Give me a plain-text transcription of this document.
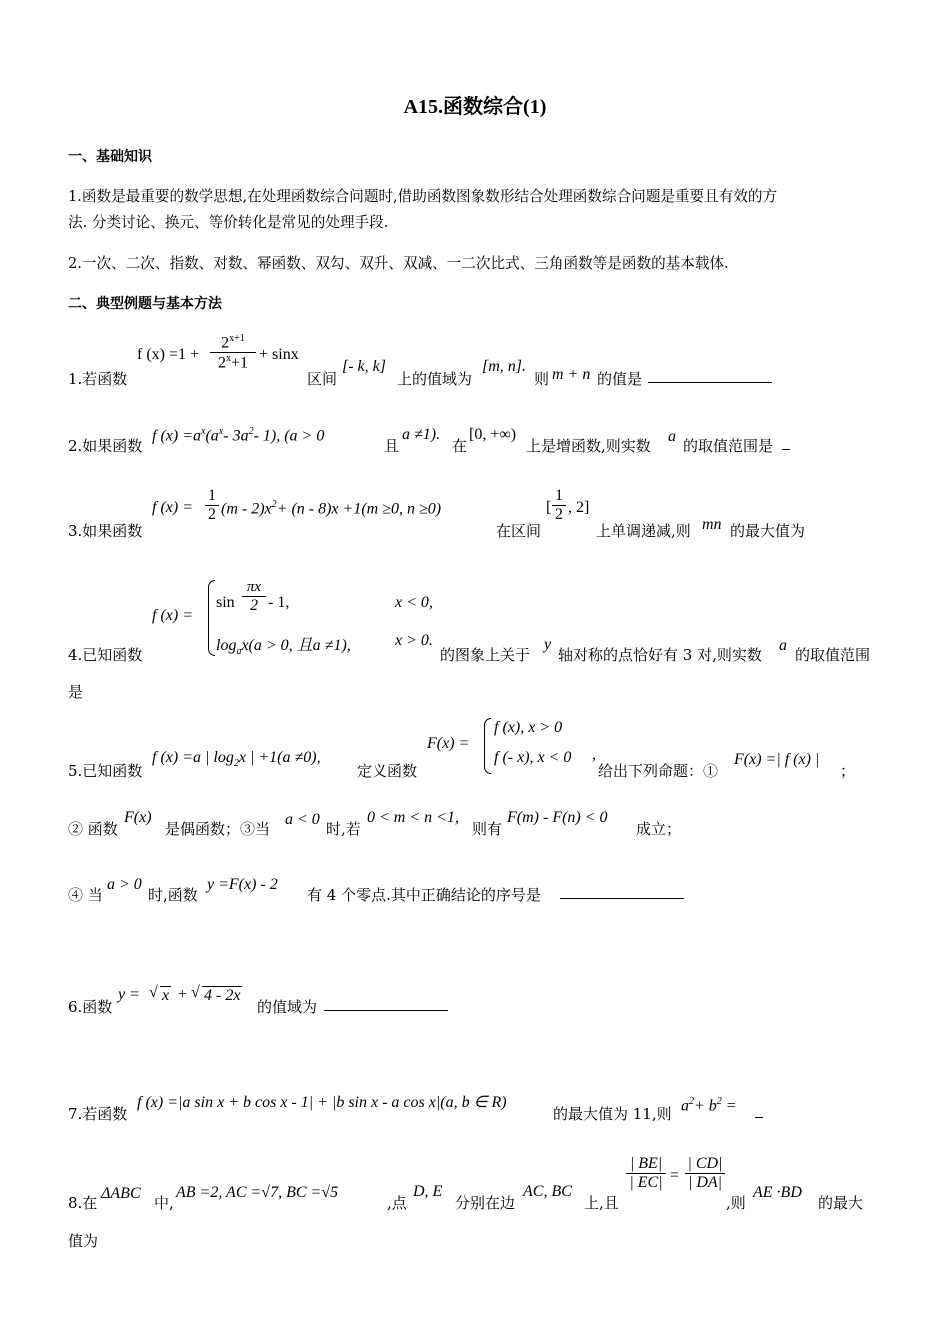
A15.函数综合(1)
一、基础知识
1.函数是最重要的数学思想,在处理函数综合问题时,借助函数图象数形结合处理函数综合问题是重要且有效的方
法. 分类讨论、换元、等价转化是常见的处理手段.
2.一次、二次、指数、对数、幂函数、双勾、双升、双减、一二次比式、三角函数等是函数的基本载体.
二、典型例题与基本方法
1.若函数
f (x) =1 +
$2^{x+1}$
$2^x+1$
+ sinx
区间
[- k, k]
上的值域为
[m, n].
则 m + n 的值是
2.如果函数
f $(x) =a^x(a^x-$ $3a^2-$ 1), (a > 0
且
a ≠1).
在
[0, +∞)
上是增函数,则实数
a
的取值范围是
3.如果函数
f $(x) = \frac{1}{2} (m - 2)x^2+ (n - 8)x +1(m \ge 0$, n ≥0)
在区间
[ $\frac{1}{2}$ , 2]
上单调递减,则 mn 的最大值为
4.已知函数
f (x) =
$\sin \frac{\pi x}{2} - 1$,	x < 0,
$\log_ax(a > 0$, 且a ≠1),	x > 0.
的图象上关于
y
轴对称的点恰好有 3 对,则实数
a
的取值范围
是
5.已知函数
f (x) =a | $\log_2x$ | +1(a ≠0),
定义函数
F(x) =
f (x), x > 0
f (- x), x < 0 ,
给出下列命题：①
F(x) =| f (x) |
；
② 函数
F(x)
是偶函数；③当
a < 0
时,若
0 < m < n <1,
则有
F(m) - F(n) < 0
成立；
④ 当
a > 0
时,函数
y =F(x) - 2
有 4 个零点.其中正确结论的序号是
6.函数
y = √ x + √ 4 - 2x
的值域为
7.若函数
f (x) =|a sin x + b cos x - 1| + |b sin x - a cos x|(a, b ∈ R)
的最大值为 11,则 $a^2+ b^2$ =
8.在
ΔABC
中,
AB =2, AC =√7, BC =√5
,点
D, E
分别在边
AC, BC
上,且
$\frac{| BE|}{| EC|} = \frac{| CD|}{| DA|}$
,则
AE ·BD
的最大
值为
